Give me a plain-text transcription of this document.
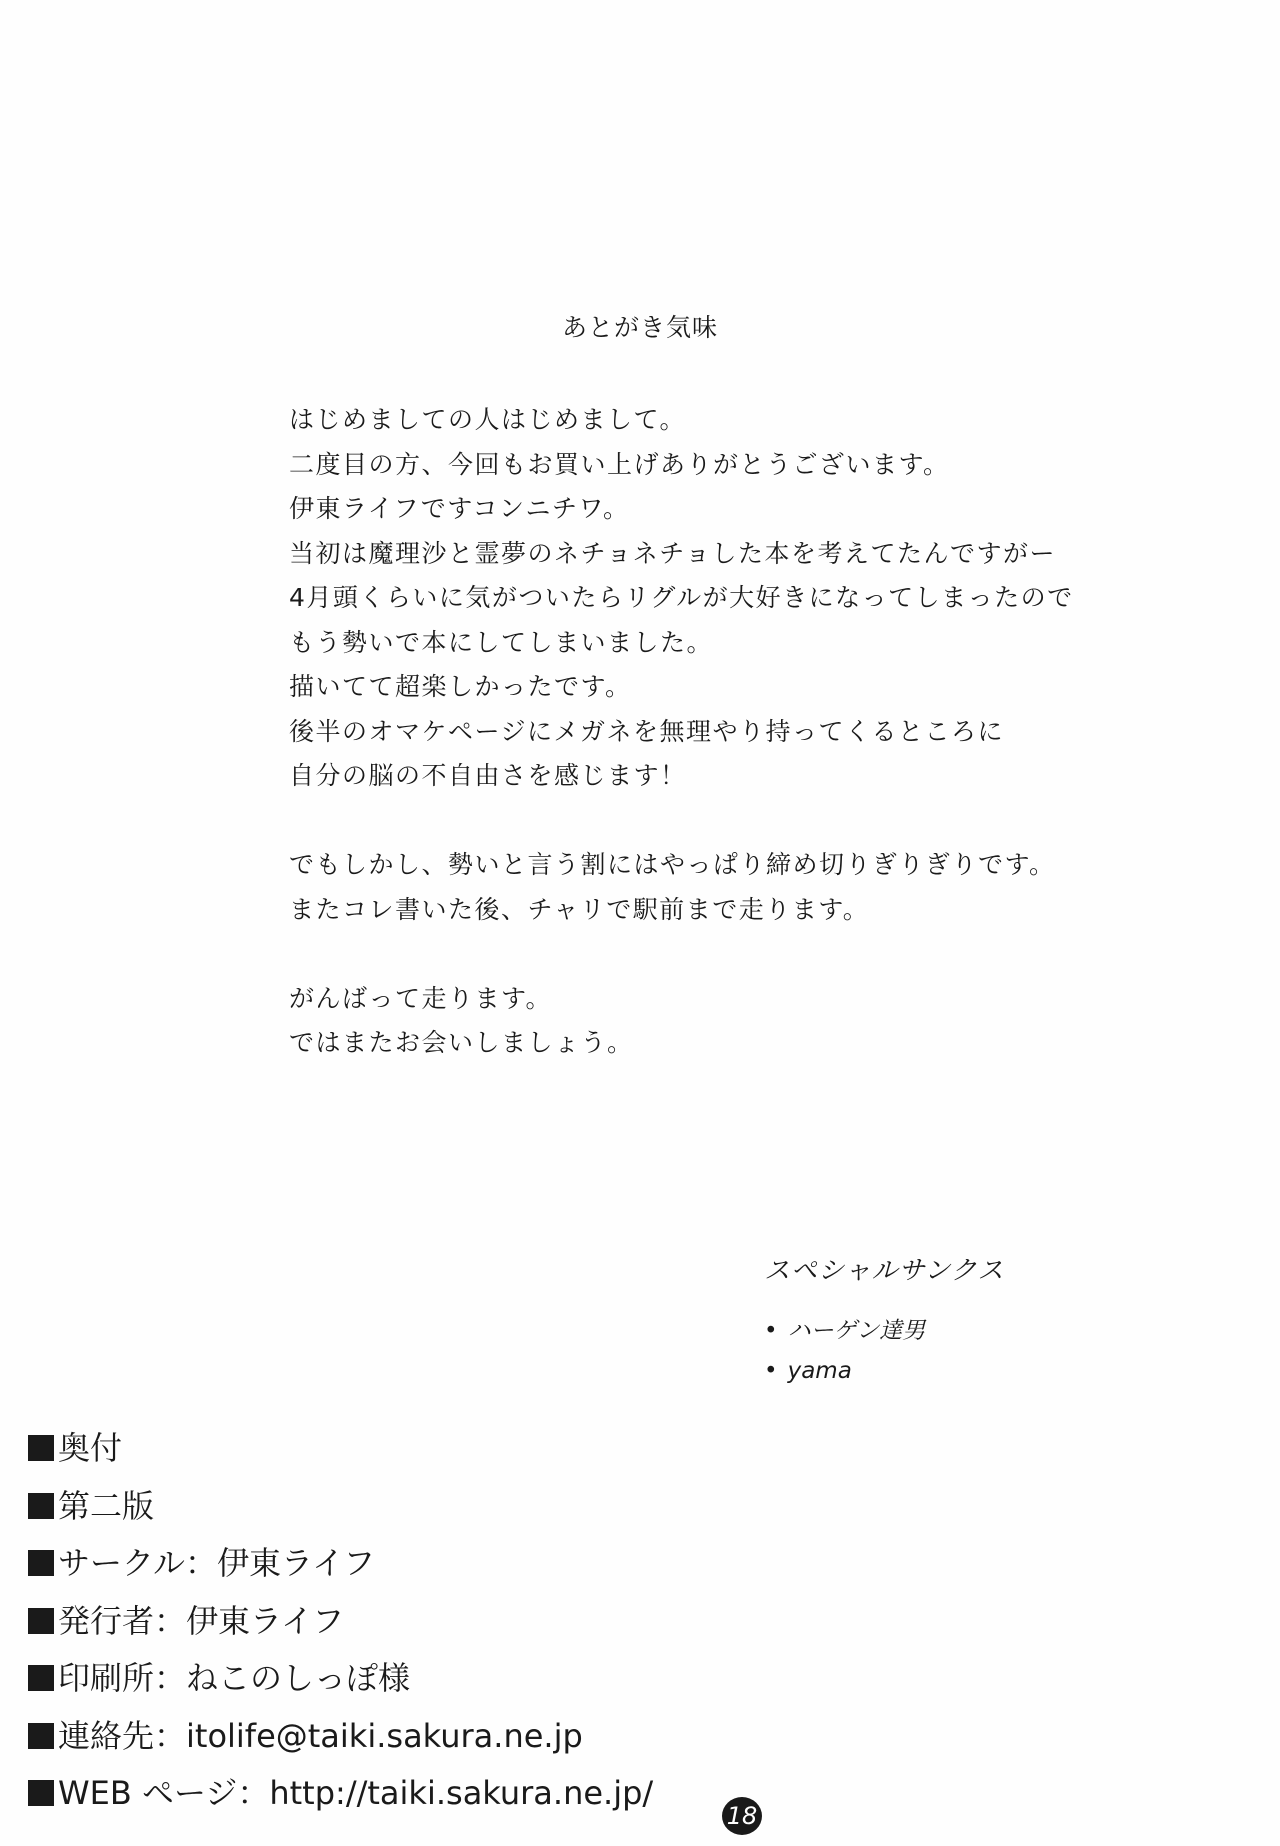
あとがき気味
はじめましての人はじめまして。
二度目の方、今回もお買い上げありがとうございます。
伊東ライフですコンニチワ。
当初は魔理沙と霊夢のネチョネチョした本を考えてたんですがー
4月頭くらいに気がついたらリグルが大好きになってしまったので
もう勢いで本にしてしまいました。
描いてて超楽しかったです。
後半のオマケページにメガネを無理やり持ってくるところに
自分の脳の不自由さを感じます！
でもしかし、勢いと言う割にはやっぱり締め切りぎりぎりです。
またコレ書いた後、チャリで駅前まで走ります。
がんばって走ります。
ではまたお会いしましょう。
スペシャルサンクス
• ハーゲン達男
• yama
奥付
第二版
サークル：伊東ライフ
発行者：伊東ライフ
印刷所：ねこのしっぽ様
連絡先：itolife@taiki.sakura.ne.jp
WEB ページ：http://taiki.sakura.ne.jp/
18
